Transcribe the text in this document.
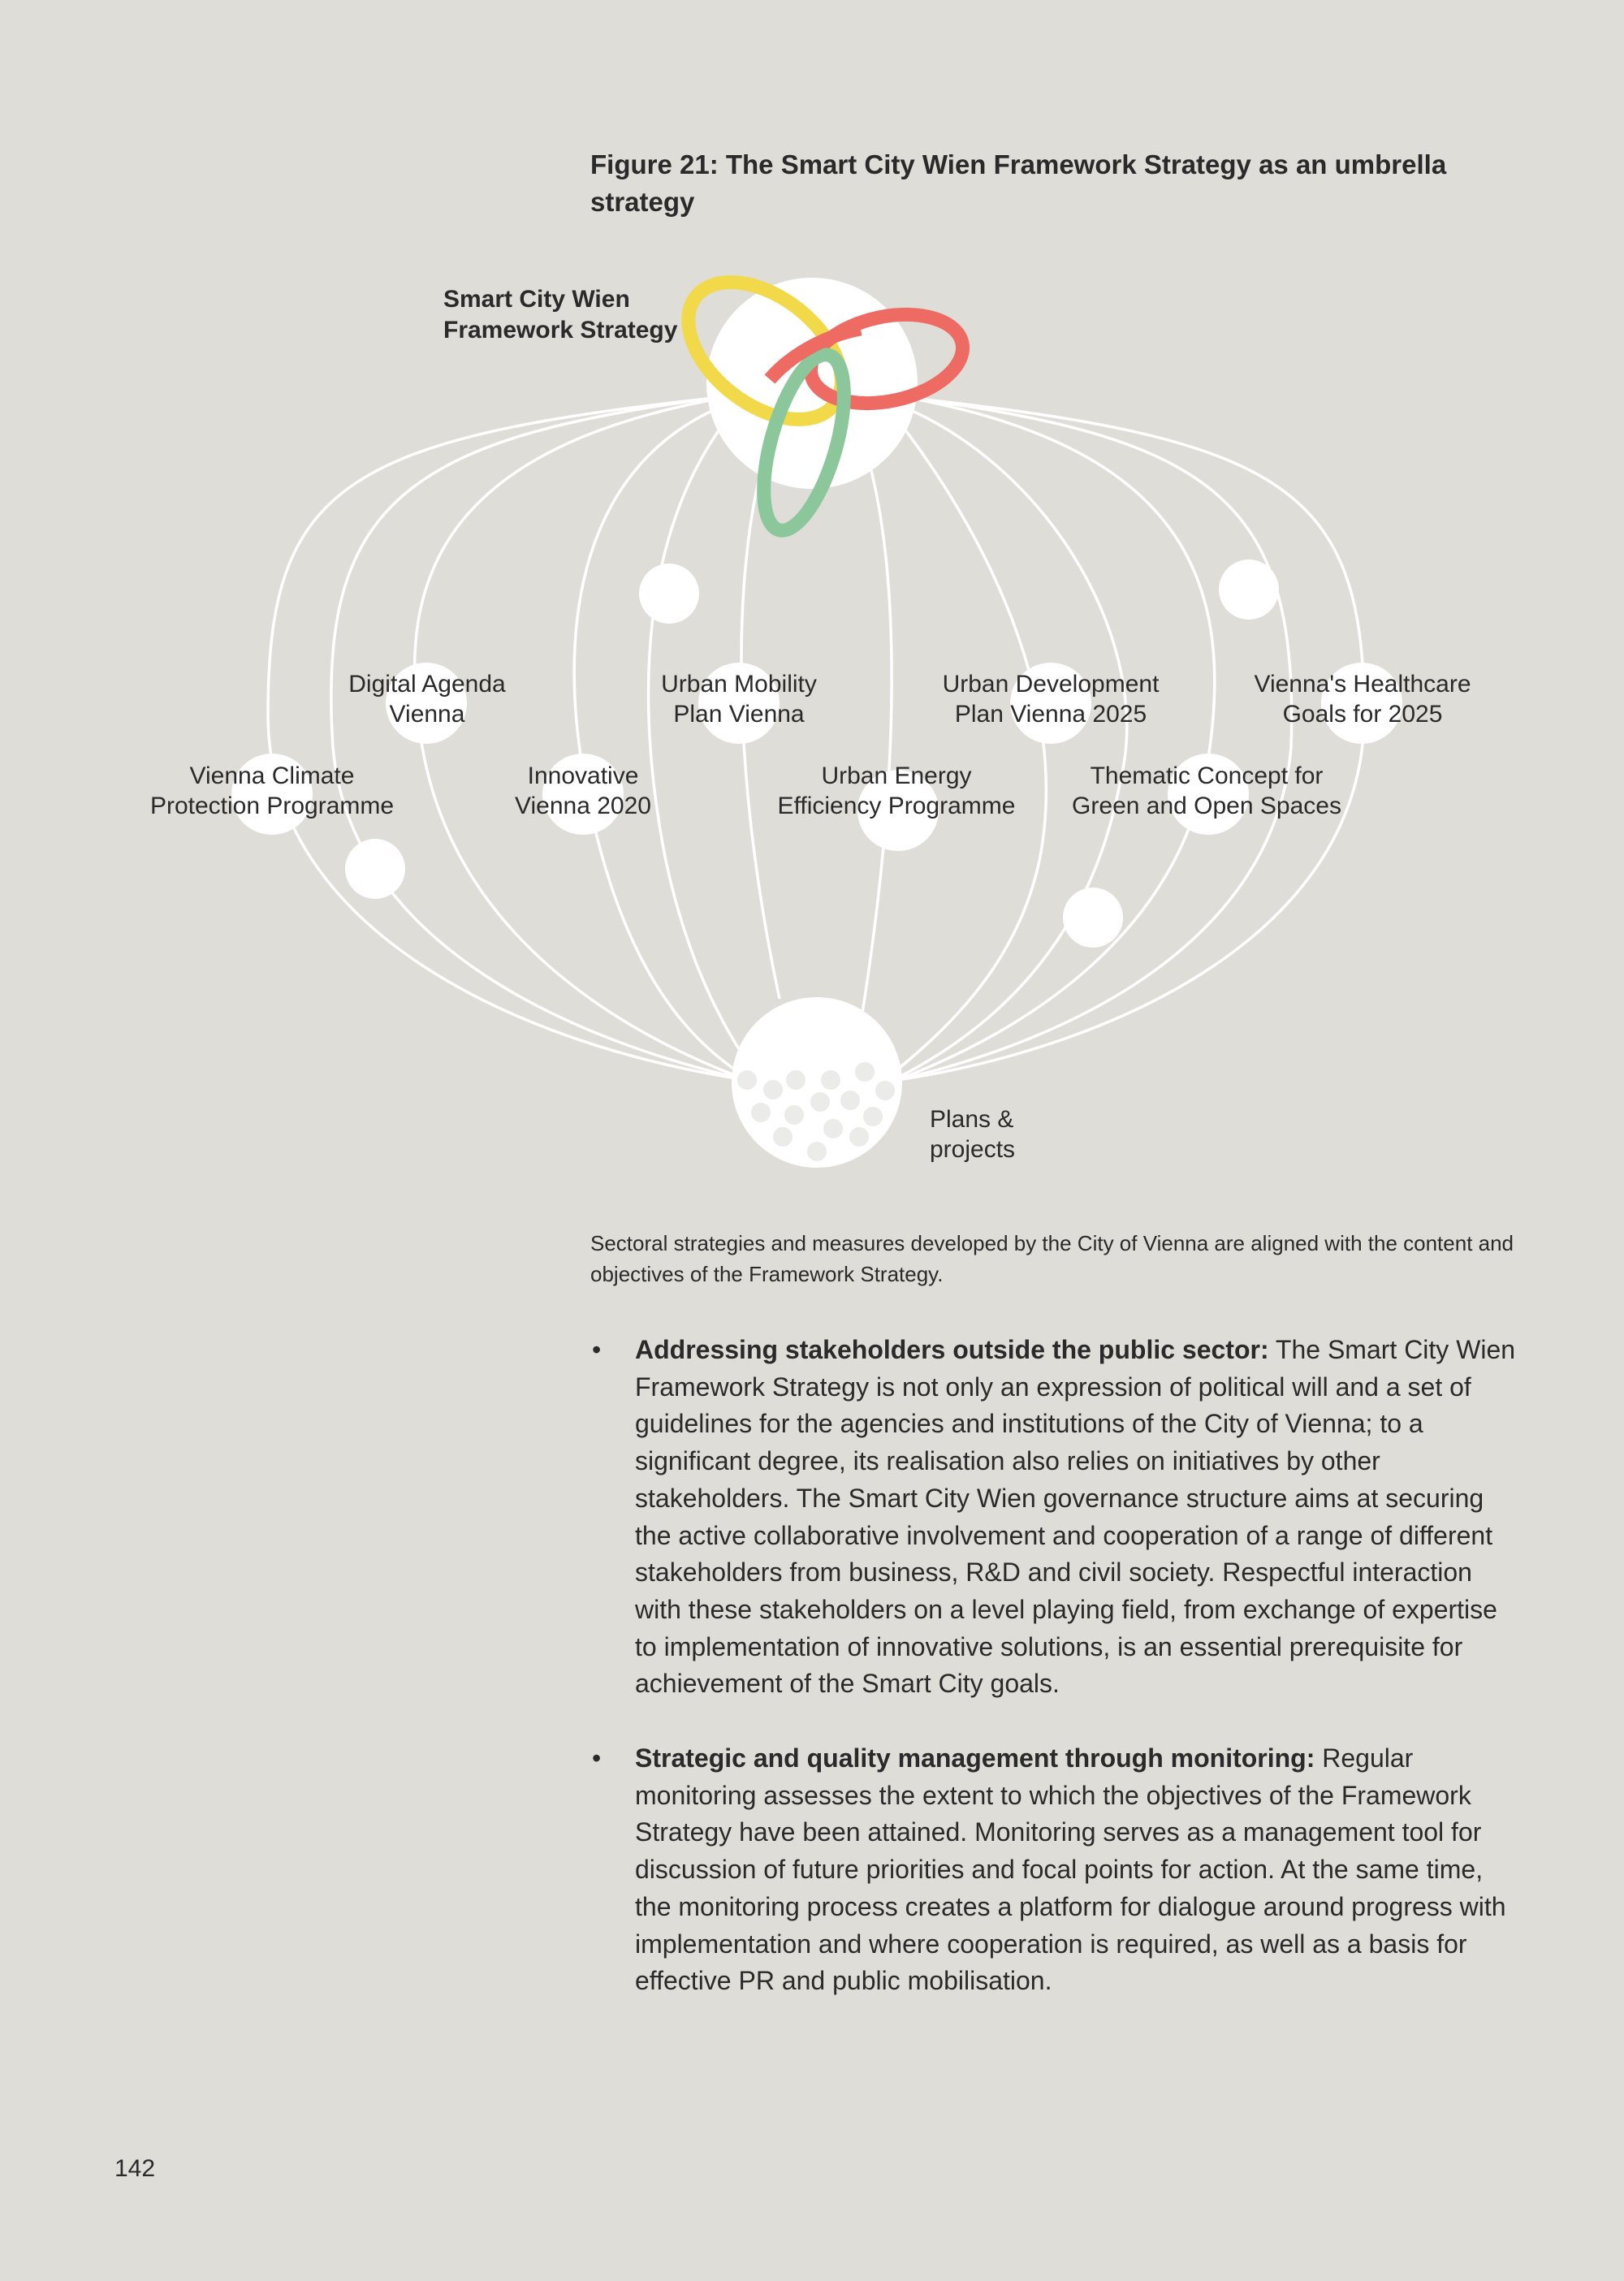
Figure 21: The Smart City Wien Framework Strategy as an umbrella strategy
Smart City Wien
Framework Strategy
Digital Agenda
Vienna
Urban Mobility
Plan Vienna
Urban Development
Plan Vienna 2025
Vienna's Healthcare
Goals for 2025
Vienna Climate
Protection Programme
Innovative
Vienna 2020
Urban Energy
Efficiency Programme
Thematic Concept for
Green and Open Spaces
Plans &
projects

Sectoral strategies and measures developed by the City of Vienna are aligned with the content and objectives of the Framework Strategy.

• Addressing stakeholders outside the public sector: The Smart City Wien Framework Strategy is not only an expression of political will and a set of guidelines for the agencies and institutions of the City of Vienna; to a significant degree, its realisation also relies on initiatives by other stakeholders. The Smart City Wien governance structure aims at securing the active collaborative involvement and cooperation of a range of different stakeholders from business, R&D and civil society. Respectful interaction with these stakeholders on a level playing field, from exchange of expertise to implementation of innovative solutions, is an essential prerequisite for achievement of the Smart City goals.
• Strategic and quality management through monitoring: Regular monitoring assesses the extent to which the objectives of the Framework Strategy have been attained. Monitoring serves as a management tool for discussion of future priorities and focal points for action. At the same time, the monitoring process creates a platform for dialogue around progress with implementation and where cooperation is required, as well as a basis for effective PR and public mobilisation.
142
